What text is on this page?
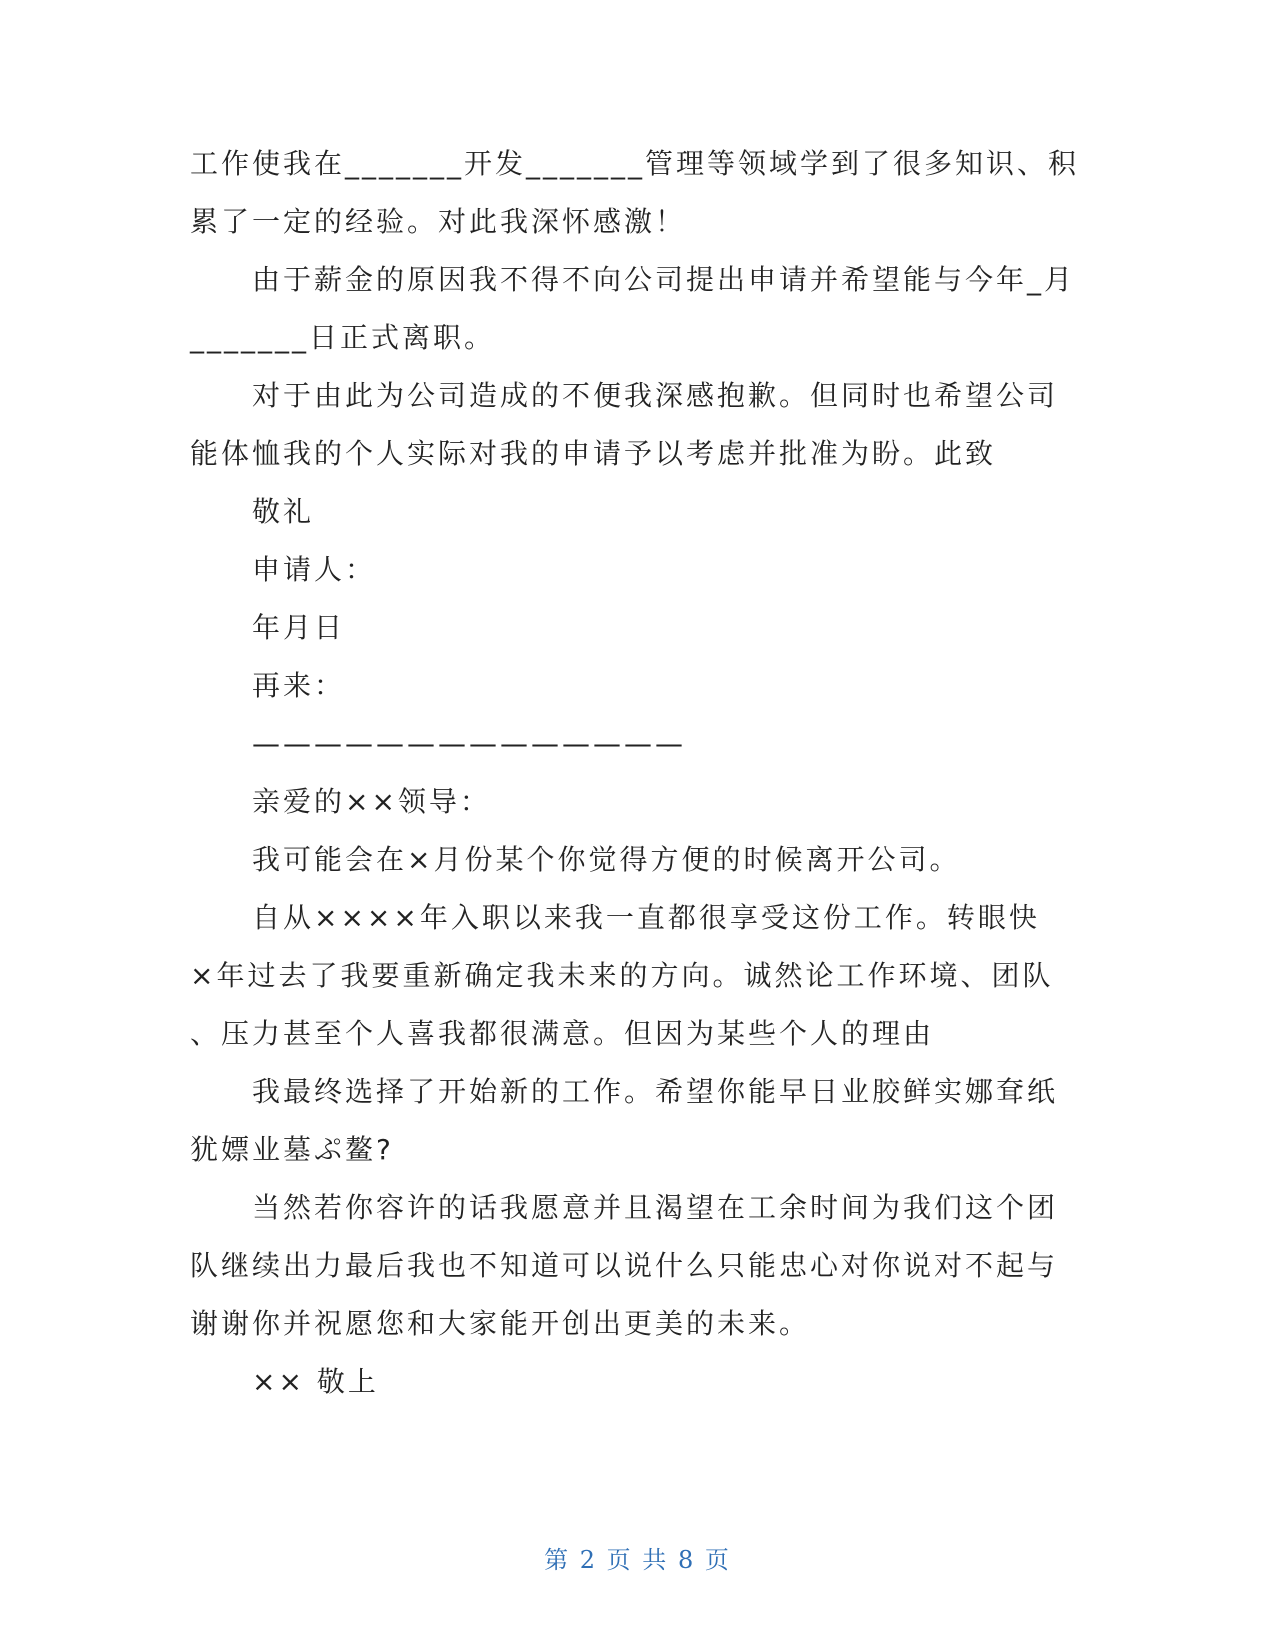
工作使我在_______开发_______管理等领域学到了很多知识、积
累了一定的经验。对此我深怀感激！
由于薪金的原因我不得不向公司提出申请并希望能与今年_月
_______日正式离职。
对于由此为公司造成的不便我深感抱歉。但同时也希望公司
能体恤我的个人实际对我的申请予以考虑并批准为盼。此致
敬礼
申请人：
年月日
再来：
——————————————
亲爱的××领导：
我可能会在×月份某个你觉得方便的时候离开公司。
自从××××年入职以来我一直都很享受这份工作。转眼快
×年过去了我要重新确定我未来的方向。诚然论工作环境、团队
、压力甚至个人喜我都很满意。但因为某些个人的理由
我最终选择了开始新的工作。希望你能早日业胶鲜实娜耷纸
犹嫖业墓ぷ鳌?
当然若你容许的话我愿意并且渴望在工余时间为我们这个团
队继续出力最后我也不知道可以说什么只能忠心对你说对不起与
谢谢你并祝愿您和大家能开创出更美的未来。
×× 敬上
第 2 页 共 8 页
